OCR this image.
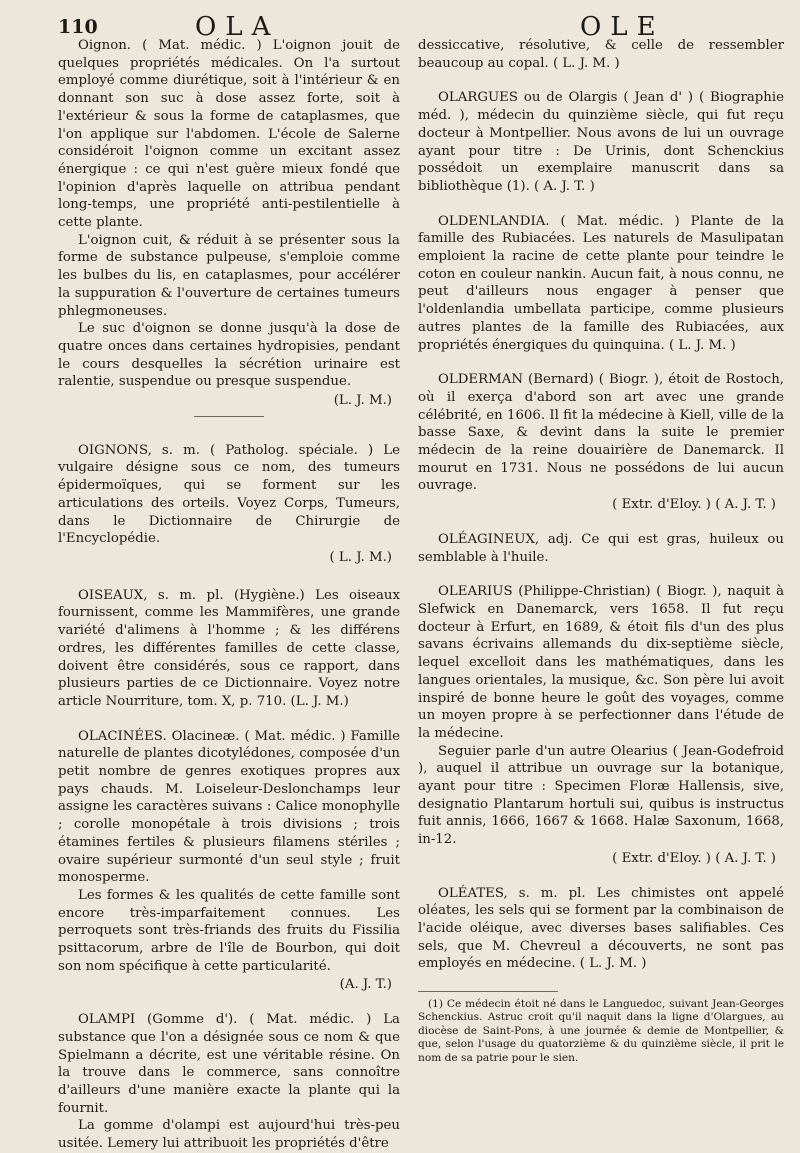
110	OLA	OLE

Oignon. ( Mat. médic. ) L'oignon jouit de quelques propriétés médicales. On l'a surtout employé comme diurétique, soit à l'intérieur & en donnant son suc à dose assez forte, soit à l'extérieur & sous la forme de cataplasmes, que l'on applique sur l'abdomen. L'école de Salerne considéroit l'oignon comme un excitant assez énergique : ce qui n'est guère mieux fondé que l'opinion d'après laquelle on attribua pendant long-temps, une propriété anti-pestilentielle à cette plante.

L'oignon cuit, & réduit à se présenter sous la forme de substance pulpeuse, s'emploie comme les bulbes du lis, en cataplasmes, pour accélérer la suppuration & l'ouverture de certaines tumeurs phlegmoneuses.

Le suc d'oignon se donne jusqu'à la dose de quatre onces dans certaines hydropisies, pendant le cours desquelles la sécrétion urinaire est ralentie, suspendue ou presque suspendue.

(L. J. M.)

OIGNONS, s. m. ( Patholog. spéciale. ) Le vulgaire désigne sous ce nom, des tumeurs épidermoïques, qui se forment sur les articulations des orteils. Voyez Corps, Tumeurs, dans le Dictionnaire de Chirurgie de l'Encyclopédie.

( L. J. M.)

OISEAUX, s. m. pl. (Hygiène.) Les oiseaux fournissent, comme les Mammifères, une grande variété d'alimens à l'homme ; & les différens ordres, les différentes familles de cette classe, doivent être considérés, sous ce rapport, dans plusieurs parties de ce Dictionnaire. Voyez notre article Nourriture, tom. X, p. 710. (L. J. M.)

OLACINÉES. Olacineæ. ( Mat. médic. ) Famille naturelle de plantes dicotylédones, composée d'un petit nombre de genres exotiques propres aux pays chauds. M. Loiseleur-Deslonchamps leur assigne les caractères suivans : Calice monophylle ; corolle monopétale à trois divisions ; trois étamines fertiles & plusieurs filamens stériles ; ovaire supérieur surmonté d'un seul style ; fruit monosperme.

Les formes & les qualités de cette famille sont encore très-imparfaitement connues. Les perroquets sont très-friands des fruits du Fissilia psittacorum, arbre de l'île de Bourbon, qui doit son nom spécifique à cette particularité.

(A. J. T.)

OLAMPI (Gomme d'). ( Mat. médic. ) La substance que l'on a désignée sous ce nom & que Spielmann a décrite, est une véritable résine. On la trouve dans le commerce, sans connoître d'ailleurs d'une manière exacte la plante qui la fournit.

La gomme d'olampi est aujourd'hui très-peu usitée. Lemery lui attribuoit les propriétés d'être

dessiccative, résolutive, & celle de ressembler beaucoup au copal. ( L. J. M. )

OLARGUES ou de Olargis ( Jean d' ) ( Biographie méd. ), médecin du quinzième siècle, qui fut reçu docteur à Montpellier. Nous avons de lui un ouvrage ayant pour titre : De Urinis, dont Schenckius possédoit un exemplaire manuscrit dans sa bibliothèque (1). ( A. J. T. )

OLDENLANDIA. ( Mat. médic. ) Plante de la famille des Rubiacées. Les naturels de Masulipatan emploient la racine de cette plante pour teindre le coton en couleur nankin. Aucun fait, à nous connu, ne peut d'ailleurs nous engager à penser que l'oldenlandia umbellata participe, comme plusieurs autres plantes de la famille des Rubiacées, aux propriétés énergiques du quinquina. ( L. J. M. )

OLDERMAN (Bernard) ( Biogr. ), étoit de Rostoch, où il exerça d'abord son art avec une grande célébrité, en 1606. Il fit la médecine à Kiell, ville de la basse Saxe, & devint dans la suite le premier médecin de la reine douairière de Danemarck. Il mourut en 1731. Nous ne possédons de lui aucun ouvrage.

( Extr. d'Eloy. ) ( A. J. T. )

OLÉAGINEUX, adj. Ce qui est gras, huileux ou semblable à l'huile.

OLEARIUS (Philippe-Christian) ( Biogr. ), naquit à Slefwick en Danemarck, vers 1658. Il fut reçu docteur à Erfurt, en 1689, & étoit fils d'un des plus savans écrivains allemands du dix-septième siècle, lequel excelloit dans les mathématiques, dans les langues orientales, la musique, &c. Son père lui avoit inspiré de bonne heure le goût des voyages, comme un moyen propre à se perfectionner dans l'étude de la médecine.

Seguier parle d'un autre Olearius ( Jean-Godefroid ), auquel il attribue un ouvrage sur la botanique, ayant pour titre : Specimen Floræ Hallensis, sive, designatio Plantarum hortuli sui, quibus is instructus fuit annis, 1666, 1667 & 1668. Halæ Saxonum, 1668, in-12.

( Extr. d'Eloy. ) ( A. J. T. )

OLÉATES, s. m. pl. Les chimistes ont appelé oléates, les sels qui se forment par la combinaison de l'acide oléique, avec diverses bases salifiables. Ces sels, que M. Chevreul a découverts, ne sont pas employés en médecine. ( L. J. M. )

(1) Ce médecin étoit né dans le Languedoc, suivant Jean-Georges Schenckius. Astruc croit qu'il naquit dans la ligne d'Olargues, au diocèse de Saint-Pons, à une journée & demie de Montpellier, & que, selon l'usage du quatorzième & du quinzième siècle, il prit le nom de sa patrie pour le sien.
